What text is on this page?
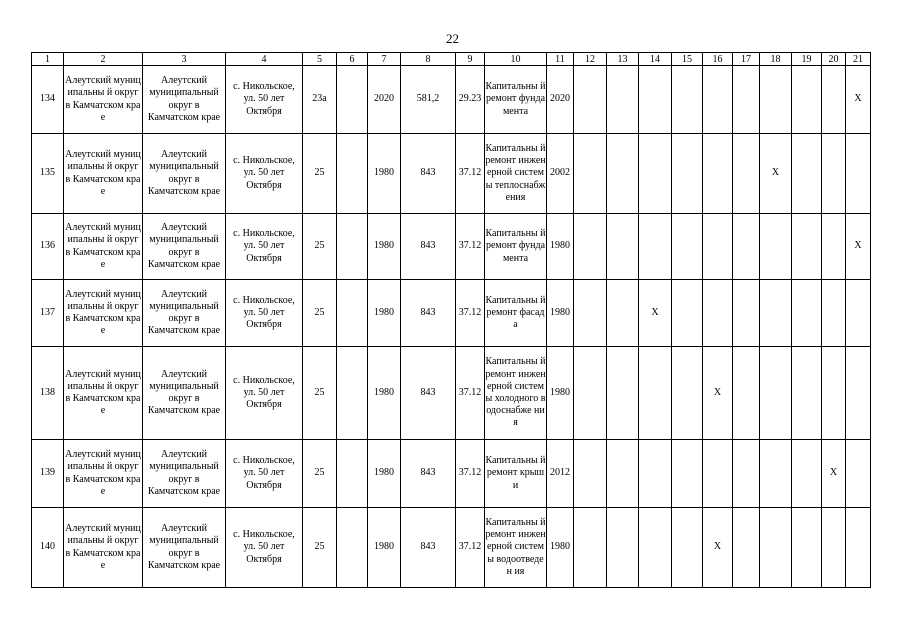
22
1	2	3	4	5	6	7	8	9	10	11	12	13	14	15	16	17	18	19	20	21
134	Алеутский муниципальны й округ в Камчатском крае	Алеутский муниципальный округ в Камчатском крае	с. Никольское, ул. 50 лет Октября	23а		2020	581,2	29.23	Капитальны й ремонт фундамента	2020										X
135	Алеутский муниципальны й округ в Камчатском крае	Алеутский муниципальный округ в Камчатском крае	с. Никольское, ул. 50 лет Октября	25		1980	843	37.12	Капитальны й ремонт инженерной системы теплоснабж ения	2002							X			
136	Алеутский муниципальны й округ в Камчатском крае	Алеутский муниципальный округ в Камчатском крае	с. Никольское, ул. 50 лет Октября	25		1980	843	37.12	Капитальны й ремонт фундамента	1980										X
137	Алеутский муниципальны й округ в Камчатском крае	Алеутский муниципальный округ в Камчатском крае	с. Никольское, ул. 50 лет Октября	25		1980	843	37.12	Капитальны й ремонт фасада	1980			X							
138	Алеутский муниципальны й округ в Камчатском крае	Алеутский муниципальный округ в Камчатском крае	с. Никольское, ул. 50 лет Октября	25		1980	843	37.12	Капитальны й ремонт инженерной системы холодного водоснабже ния	1980					X					
139	Алеутский муниципальны й округ в Камчатском крае	Алеутский муниципальный округ в Камчатском крае	с. Никольское, ул. 50 лет Октября	25		1980	843	37.12	Капитальны й ремонт крыши	2012									X	
140	Алеутский муниципальны й округ в Камчатском крае	Алеутский муниципальный округ в Камчатском крае	с. Никольское, ул. 50 лет Октября	25		1980	843	37.12	Капитальны й ремонт инженерной системы водоотведен ия	1980					X					
